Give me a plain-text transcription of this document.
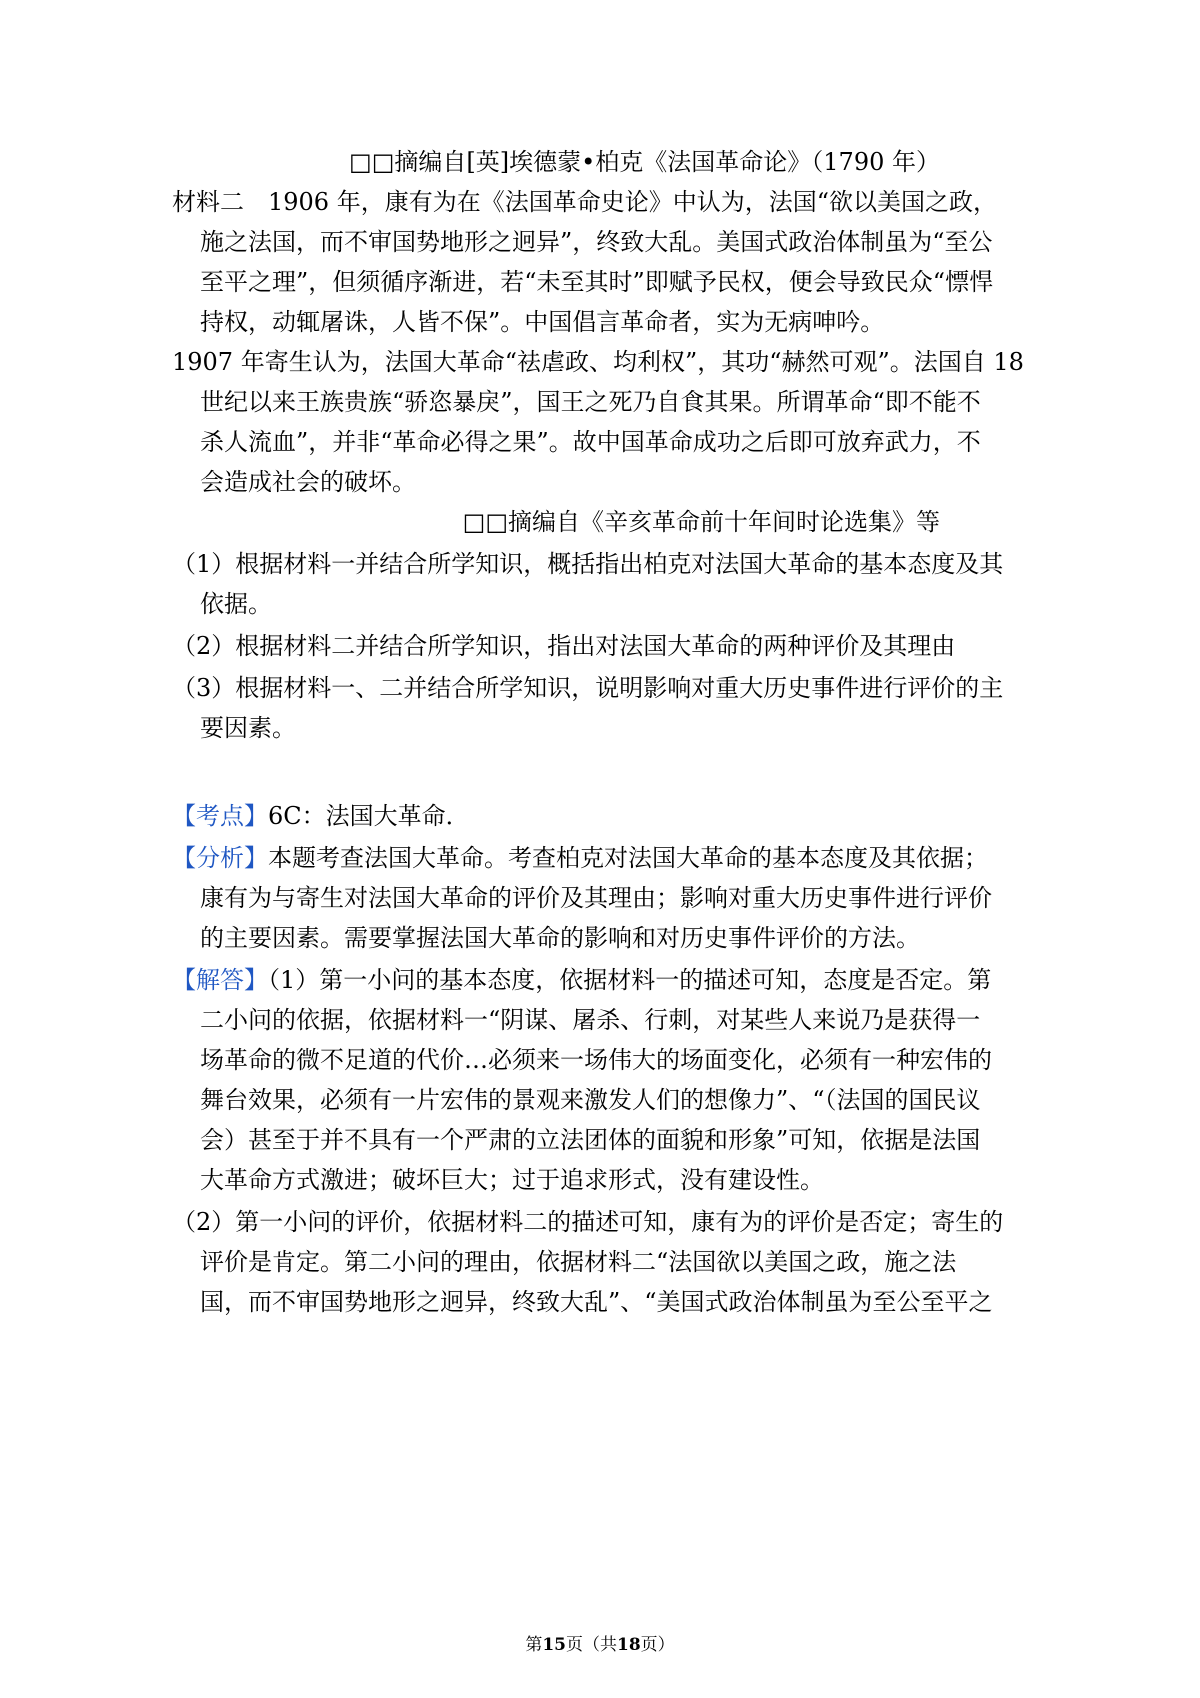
□□摘编自[英]埃德蒙•柏克《法国革命论》（1790 年）
材料二　1906 年，康有为在《法国革命史论》中认为，法国“欲以美国之政，
施之法国，而不审国势地形之迥异”，终致大乱。美国式政治体制虽为“至公
至平之理”，但须循序渐进，若“未至其时”即赋予民权，便会导致民众“慓悍
持权，动辄屠诛，人皆不保”。中国倡言革命者，实为无病呻吟。
1907 年寄生认为，法国大革命“祛虐政、均利权”，其功“赫然可观”。法国自 18
世纪以来王族贵族“骄恣暴戾”，国王之死乃自食其果。所谓革命“即不能不
杀人流血”，并非“革命必得之果”。故中国革命成功之后即可放弃武力，不
会造成社会的破坏。
□□摘编自《辛亥革命前十年间时论选集》等
（1）根据材料一并结合所学知识，概括指出柏克对法国大革命的基本态度及其
依据。
（2）根据材料二并结合所学知识，指出对法国大革命的两种评价及其理由
（3）根据材料一、二并结合所学知识，说明影响对重大历史事件进行评价的主
要因素。
【考点】6C：法国大革命．
【分析】本题考查法国大革命。考查柏克对法国大革命的基本态度及其依据；
康有为与寄生对法国大革命的评价及其理由；影响对重大历史事件进行评价
的主要因素。需要掌握法国大革命的影响和对历史事件评价的方法。
【解答】（1）第一小问的基本态度，依据材料一的描述可知，态度是否定。第
二小问的依据，依据材料一“阴谋、屠杀、行刺，对某些人来说乃是获得一
场革命的微不足道的代价…必须来一场伟大的场面变化，必须有一种宏伟的
舞台效果，必须有一片宏伟的景观来激发人们的想像力”、“（法国的国民议
会）甚至于并不具有一个严肃的立法团体的面貌和形象”可知，依据是法国
大革命方式激进；破坏巨大；过于追求形式，没有建设性。
（2）第一小问的评价，依据材料二的描述可知，康有为的评价是否定；寄生的
评价是肯定。第二小问的理由，依据材料二“法国欲以美国之政，施之法
国，而不审国势地形之迥异，终致大乱”、“美国式政治体制虽为至公至平之
第15页（共18页）
